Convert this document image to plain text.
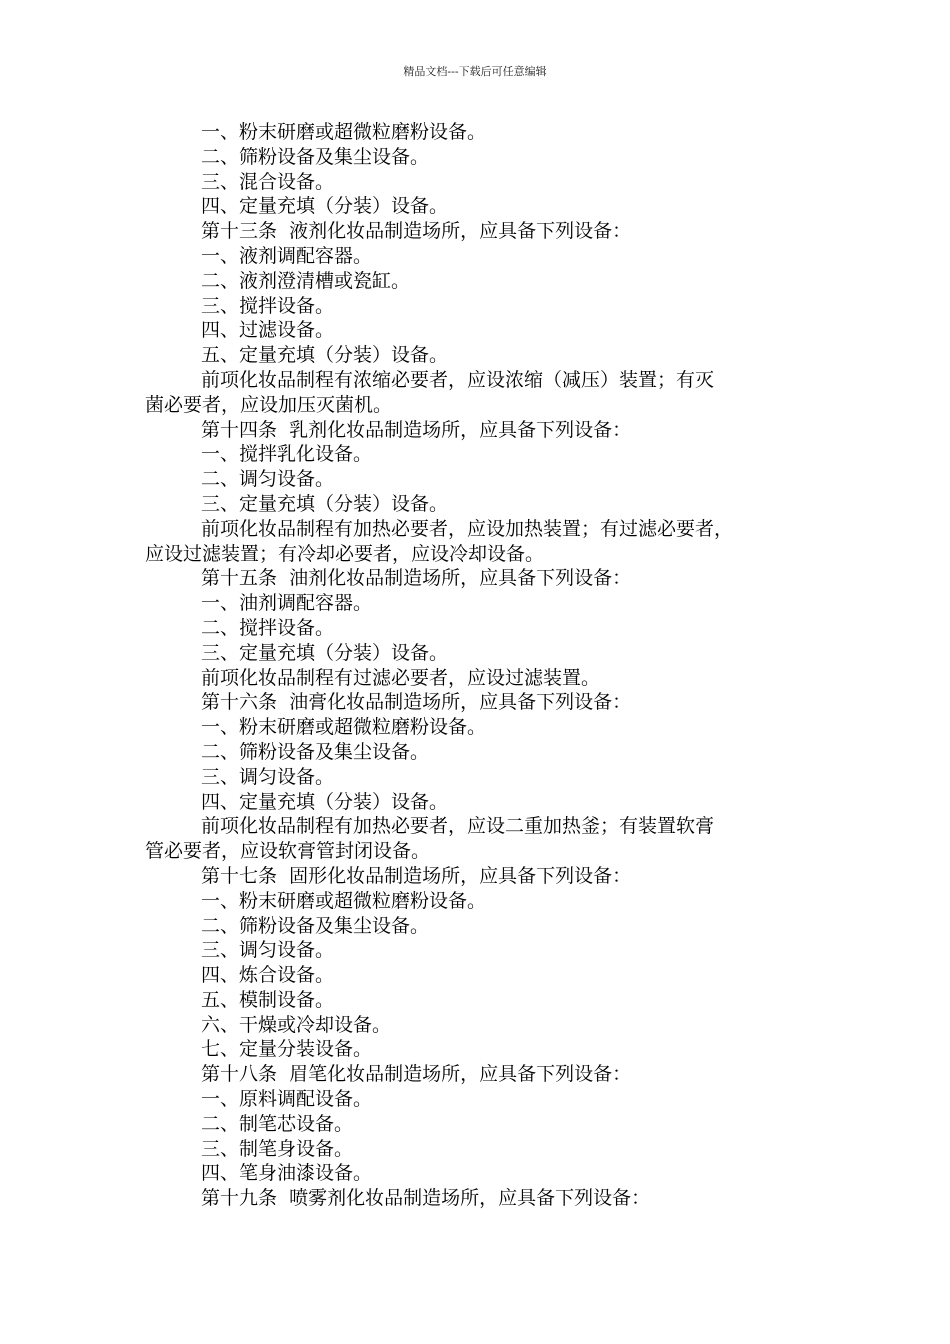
精品文档---下载后可任意编辑
一、粉末研磨或超微粒磨粉设备。
二、筛粉设备及集尘设备。
三、混合设备。
四、定量充填（分装）设备。
第十三条  液剂化妆品制造场所，应具备下列设备：
一、液剂调配容器。
二、液剂澄清槽或瓷缸。
三、搅拌设备。
四、过滤设备。
五、定量充填（分装）设备。
前项化妆品制程有浓缩必要者，应设浓缩（减压）装置；有灭
菌必要者，应设加压灭菌机。
第十四条  乳剂化妆品制造场所，应具备下列设备：
一、搅拌乳化设备。
二、调匀设备。
三、定量充填（分装）设备。
前项化妆品制程有加热必要者，应设加热装置；有过滤必要者，
应设过滤装置；有冷却必要者，应设冷却设备。
第十五条  油剂化妆品制造场所，应具备下列设备：
一、油剂调配容器。
二、搅拌设备。
三、定量充填（分装）设备。
前项化妆品制程有过滤必要者，应设过滤装置。
第十六条  油膏化妆品制造场所，应具备下列设备：
一、粉末研磨或超微粒磨粉设备。
二、筛粉设备及集尘设备。
三、调匀设备。
四、定量充填（分装）设备。
前项化妆品制程有加热必要者，应设二重加热釜；有装置软膏
管必要者，应设软膏管封闭设备。
第十七条  固形化妆品制造场所，应具备下列设备：
一、粉末研磨或超微粒磨粉设备。
二、筛粉设备及集尘设备。
三、调匀设备。
四、炼合设备。
五、模制设备。
六、干燥或冷却设备。
七、定量分装设备。
第十八条  眉笔化妆品制造场所，应具备下列设备：
一、原料调配设备。
二、制笔芯设备。
三、制笔身设备。
四、笔身油漆设备。
第十九条  喷雾剂化妆品制造场所，应具备下列设备：
